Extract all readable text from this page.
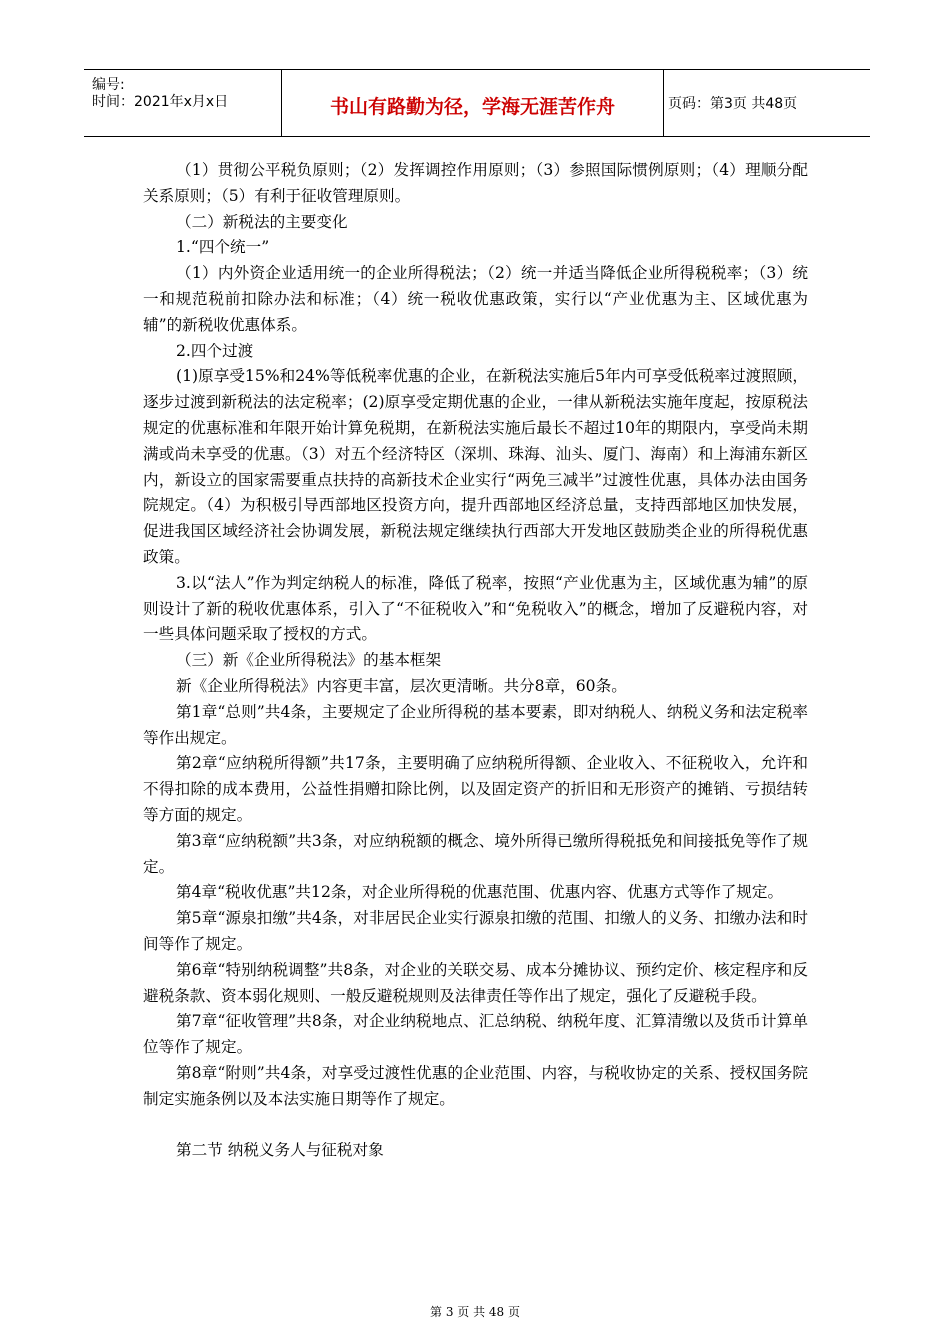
编号:
时间：2021年x月x日	书山有路勤为径，学海无涯苦作舟	页码：第3页 共48页

（1）贯彻公平税负原则；（2）发挥调控作用原则；（3）参照国际惯例原则；（4）理顺分配关系原则；（5）有利于征收管理原则。

（二）新税法的主要变化

1.“四个统一”

（1）内外资企业适用统一的企业所得税法；（2）统一并适当降低企业所得税税率；（3）统一和规范税前扣除办法和标准；（4）统一税收优惠政策，实行以“产业优惠为主、区域优惠为辅”的新税收优惠体系。

2.四个过渡

(1)原享受15%和24%等低税率优惠的企业，在新税法实施后5年内可享受低税率过渡照顾，逐步过渡到新税法的法定税率；(2)原享受定期优惠的企业，一律从新税法实施年度起，按原税法规定的优惠标准和年限开始计算免税期，在新税法实施后最长不超过10年的期限内，享受尚未期满或尚未享受的优惠。（3）对五个经济特区（深圳、珠海、汕头、厦门、海南）和上海浦东新区内，新设立的国家需要重点扶持的高新技术企业实行“两免三减半”过渡性优惠，具体办法由国务院规定。（4）为积极引导西部地区投资方向，提升西部地区经济总量，支持西部地区加快发展，促进我国区域经济社会协调发展，新税法规定继续执行西部大开发地区鼓励类企业的所得税优惠政策。

3.以“法人”作为判定纳税人的标准，降低了税率，按照“产业优惠为主，区域优惠为辅”的原则设计了新的税收优惠体系，引入了“不征税收入”和“免税收入”的概念，增加了反避税内容，对一些具体问题采取了授权的方式。

（三）新《企业所得税法》的基本框架

新《企业所得税法》内容更丰富，层次更清晰。共分8章，60条。

第1章“总则”共4条，主要规定了企业所得税的基本要素，即对纳税人、纳税义务和法定税率等作出规定。

第2章“应纳税所得额”共17条，主要明确了应纳税所得额、企业收入、不征税收入，允许和不得扣除的成本费用，公益性捐赠扣除比例，以及固定资产的折旧和无形资产的摊销、亏损结转等方面的规定。

第3章“应纳税额”共3条，对应纳税额的概念、境外所得已缴所得税抵免和间接抵免等作了规定。

第4章“税收优惠”共12条，对企业所得税的优惠范围、优惠内容、优惠方式等作了规定。

第5章“源泉扣缴”共4条，对非居民企业实行源泉扣缴的范围、扣缴人的义务、扣缴办法和时间等作了规定。

第6章“特别纳税调整”共8条，对企业的关联交易、成本分摊协议、预约定价、核定程序和反避税条款、资本弱化规则、一般反避税规则及法律责任等作出了规定，强化了反避税手段。

第7章“征收管理”共8条，对企业纳税地点、汇总纳税、纳税年度、汇算清缴以及货币计算单位等作了规定。

第8章“附则”共4条，对享受过渡性优惠的企业范围、内容，与税收协定的关系、授权国务院制定实施条例以及本法实施日期等作了规定。

第二节 纳税义务人与征税对象

第 3 页 共 48 页
